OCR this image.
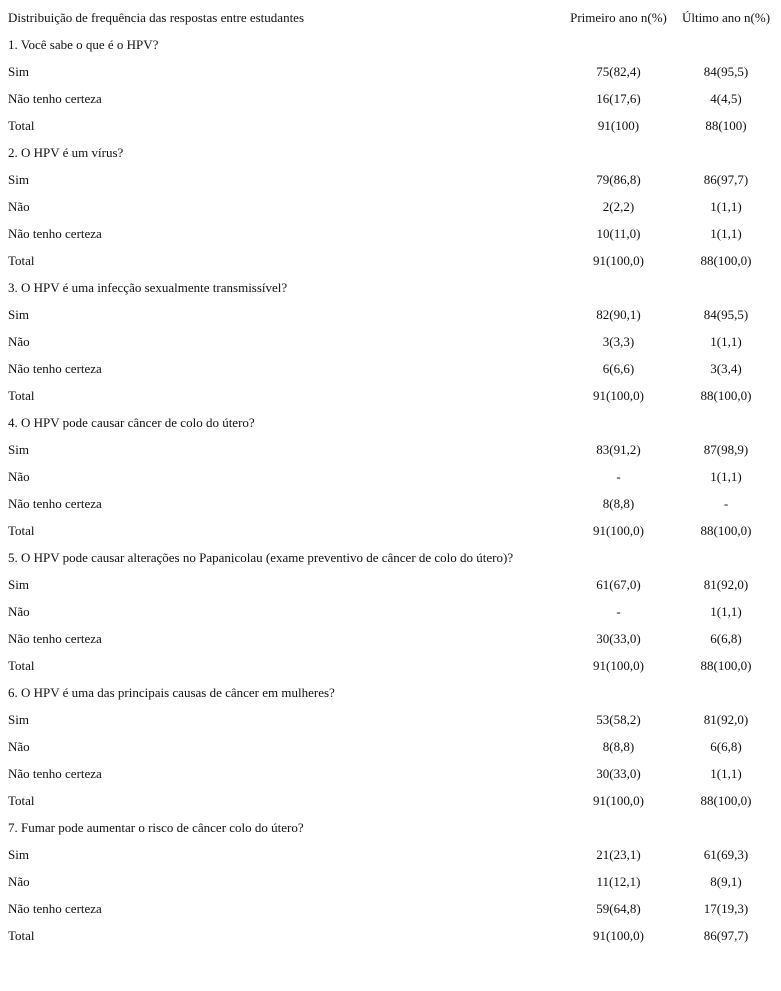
Distribuição de frequência das respostas entre estudantes	Primeiro ano n(%)	Último ano n(%)
1. Você sabe o que é o HPV?
Sim	75(82,4)	84(95,5)
Não tenho certeza	16(17,6)	4(4,5)
Total	91(100)	88(100)
2. O HPV é um vírus?
Sim	79(86,8)	86(97,7)
Não	2(2,2)	1(1,1)
Não tenho certeza	10(11,0)	1(1,1)
Total	91(100,0)	88(100,0)
3. O HPV é uma infecção sexualmente transmissível?
Sim	82(90,1)	84(95,5)
Não	3(3,3)	1(1,1)
Não tenho certeza	6(6,6)	3(3,4)
Total	91(100,0)	88(100,0)
4. O HPV pode causar câncer de colo do útero?
Sim	83(91,2)	87(98,9)
Não	-	1(1,1)
Não tenho certeza	8(8,8)	-
Total	91(100,0)	88(100,0)
5. O HPV pode causar alterações no Papanicolau (exame preventivo de câncer de colo do útero)?
Sim	61(67,0)	81(92,0)
Não	-	1(1,1)
Não tenho certeza	30(33,0)	6(6,8)
Total	91(100,0)	88(100,0)
6. O HPV é uma das principais causas de câncer em mulheres?
Sim	53(58,2)	81(92,0)
Não	8(8,8)	6(6,8)
Não tenho certeza	30(33,0)	1(1,1)
Total	91(100,0)	88(100,0)
7. Fumar pode aumentar o risco de câncer colo do útero?
Sim	21(23,1)	61(69,3)
Não	11(12,1)	8(9,1)
Não tenho certeza	59(64,8)	17(19,3)
Total	91(100,0)	86(97,7)
